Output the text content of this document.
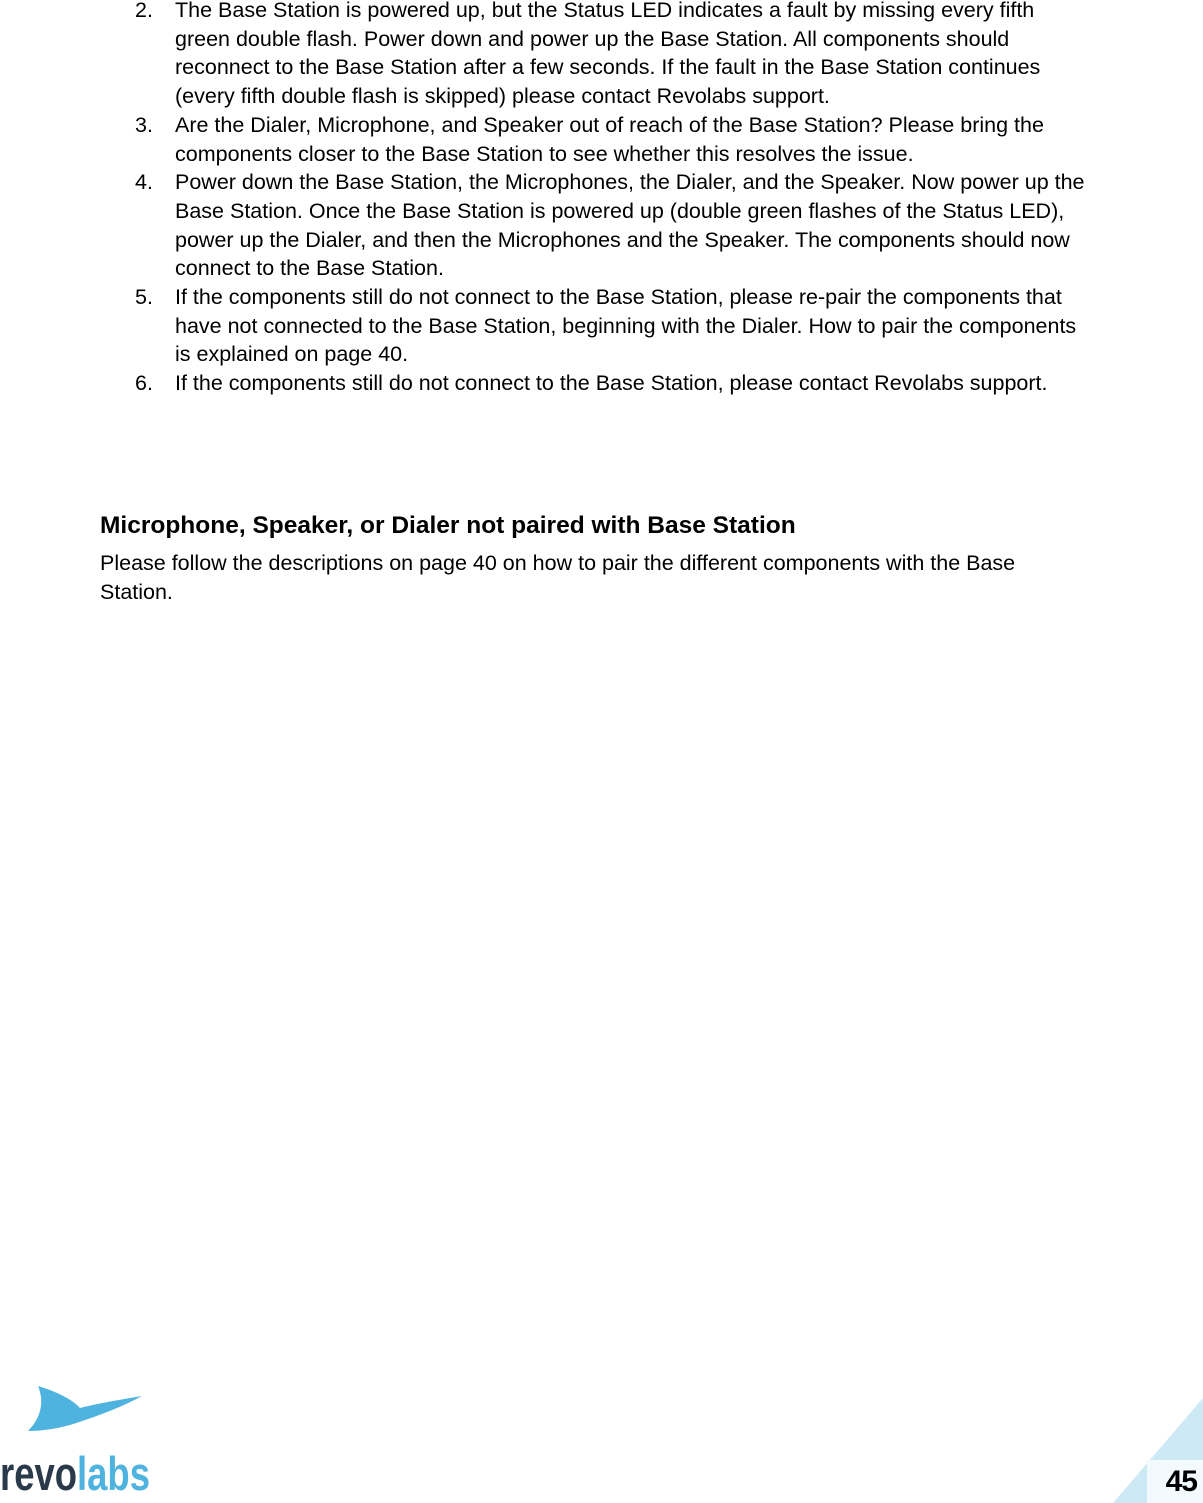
2. The Base Station is powered up, but the Status LED indicates a fault by missing every fifth green double flash. Power down and power up the Base Station. All components should reconnect to the Base Station after a few seconds. If the fault in the Base Station continues (every fifth double flash is skipped) please contact Revolabs support.
3. Are the Dialer, Microphone, and Speaker out of reach of the Base Station? Please bring the components closer to the Base Station to see whether this resolves the issue.
4. Power down the Base Station, the Microphones, the Dialer, and the Speaker. Now power up the Base Station. Once the Base Station is powered up (double green flashes of the Status LED), power up the Dialer, and then the Microphones and the Speaker. The components should now connect to the Base Station.
5. If the components still do not connect to the Base Station, please re-pair the components that have not connected to the Base Station, beginning with the Dialer. How to pair the components is explained on page 40.
6. If the components still do not connect to the Base Station, please contact Revolabs support.
Microphone, Speaker, or Dialer not paired with Base Station

Please follow the descriptions on page 40 on how to pair the different components with the Base Station.

revolabs	45
